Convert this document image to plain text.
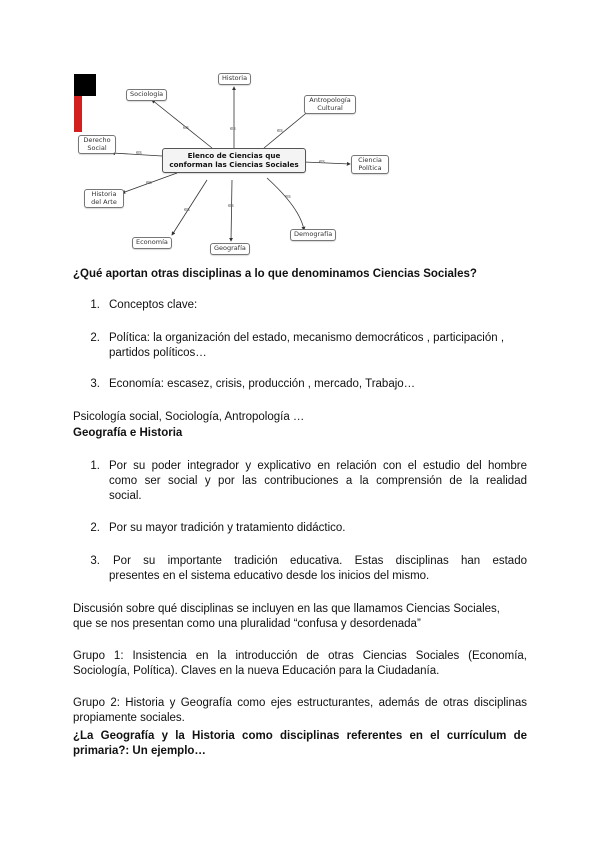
es
es	es
es
es
es
es
es
es
Elenco de Ciencias que conforman las Ciencias Sociales
Historia
Sociología
Antropología Cultural
Derecho Social
Ciencia Política
Historia del Arte
Economía
Geografía
Demografía
¿Qué aportan otras disciplinas a lo que denominamos Ciencias Sociales?
1. Conceptos clave:
2. Política: la organización del estado, mecanismo democráticos , participación ,
partidos políticos…
3. Economía: escasez, crisis, producción , mercado, Trabajo…
Psicología social, Sociología, Antropología …
Geografía e Historia
1. Por su poder integrador y explicativo en relación con el estudio del hombre
como ser social y por las contribuciones a la comprensión de la realidad
social.
2. Por su mayor tradición y tratamiento didáctico.
3. Por su importante tradición educativa. Estas disciplinas han estado
presentes en el sistema educativo desde los inicios del mismo.
Discusión sobre qué disciplinas se incluyen en las que llamamos Ciencias Sociales,
que se nos presentan como una pluralidad “confusa y desordenada”
Grupo 1: Insistencia en la introducción de otras Ciencias Sociales (Economía,
Sociología, Política). Claves en la nueva Educación para la Ciudadanía.
Grupo 2: Historia y Geografía como ejes estructurantes, además de otras disciplinas
propiamente sociales.
¿La Geografía y la Historia como disciplinas referentes en el currículum de
primaria?: Un ejemplo…
